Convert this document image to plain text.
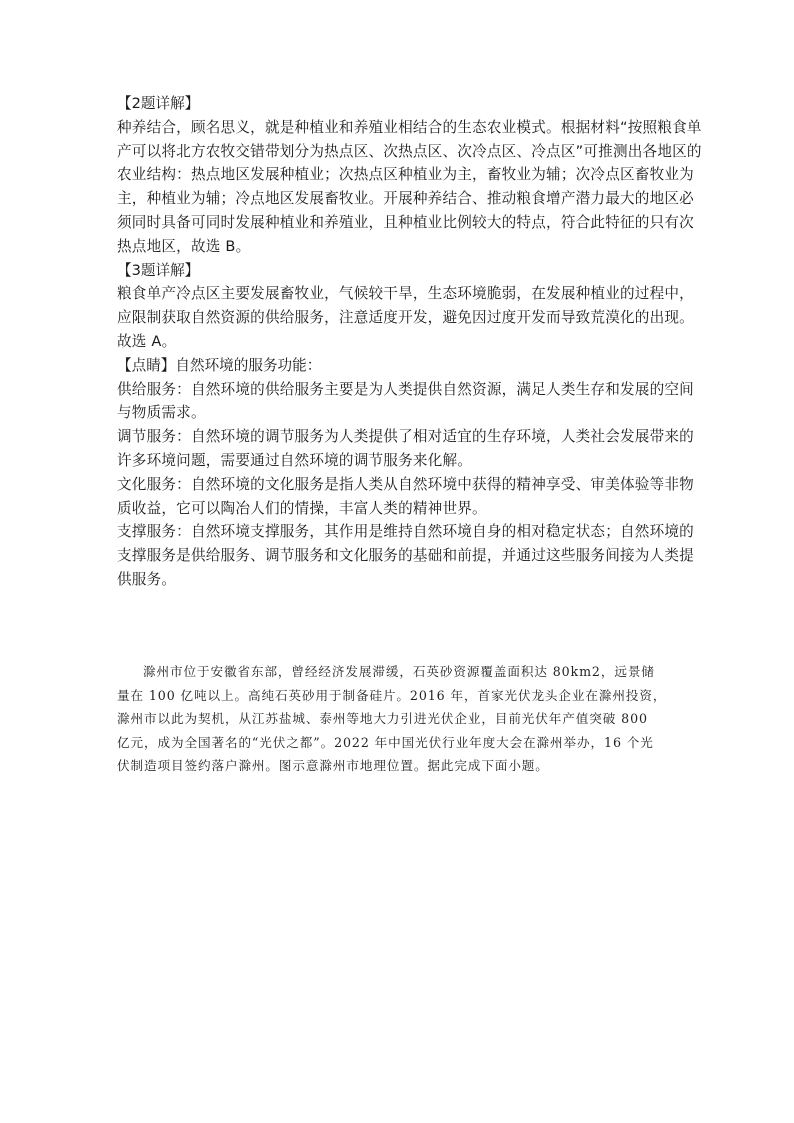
【2题详解】
种养结合，顾名思义，就是种植业和养殖业相结合的生态农业模式。根据材料“按照粮食单
产可以将北方农牧交错带划分为热点区、次热点区、次冷点区、冷点区”可推测出各地区的
农业结构：热点地区发展种植业；次热点区种植业为主，畜牧业为辅；次冷点区畜牧业为
主，种植业为辅；冷点地区发展畜牧业。开展种养结合、推动粮食增产潜力最大的地区必
须同时具备可同时发展种植业和养殖业，且种植业比例较大的特点，符合此特征的只有次
热点地区，故选 B。
【3题详解】
粮食单产冷点区主要发展畜牧业，气候较干旱，生态环境脆弱，在发展种植业的过程中，
应限制获取自然资源的供给服务，注意适度开发，避免因过度开发而导致荒漠化的出现。
故选 A。
【点睛】自然环境的服务功能：
供给服务：自然环境的供给服务主要是为人类提供自然资源，满足人类生存和发展的空间
与物质需求。
调节服务：自然环境的调节服务为人类提供了相对适宜的生存环境，人类社会发展带来的
许多环境问题，需要通过自然环境的调节服务来化解。
文化服务：自然环境的文化服务是指人类从自然环境中获得的精神享受、审美体验等非物
质收益，它可以陶冶人们的情操，丰富人类的精神世界。
支撑服务：自然环境支撑服务，其作用是维持自然环境自身的相对稳定状态；自然环境的
支撑服务是供给服务、调节服务和文化服务的基础和前提，并通过这些服务间接为人类提
供服务。
滁州市位于安徽省东部，曾经经济发展滞缓，石英砂资源覆盖面积达 80km2，远景储
量在 100 亿吨以上。高纯石英砂用于制备硅片。2016 年，首家光伏龙头企业在滁州投资，
滁州市以此为契机，从江苏盐城、泰州等地大力引进光伏企业，目前光伏年产值突破 800
亿元，成为全国著名的“光伏之都”。2022 年中国光伏行业年度大会在滁州举办，16 个光
伏制造项目签约落户滁州。图示意滁州市地理位置。据此完成下面小题。
